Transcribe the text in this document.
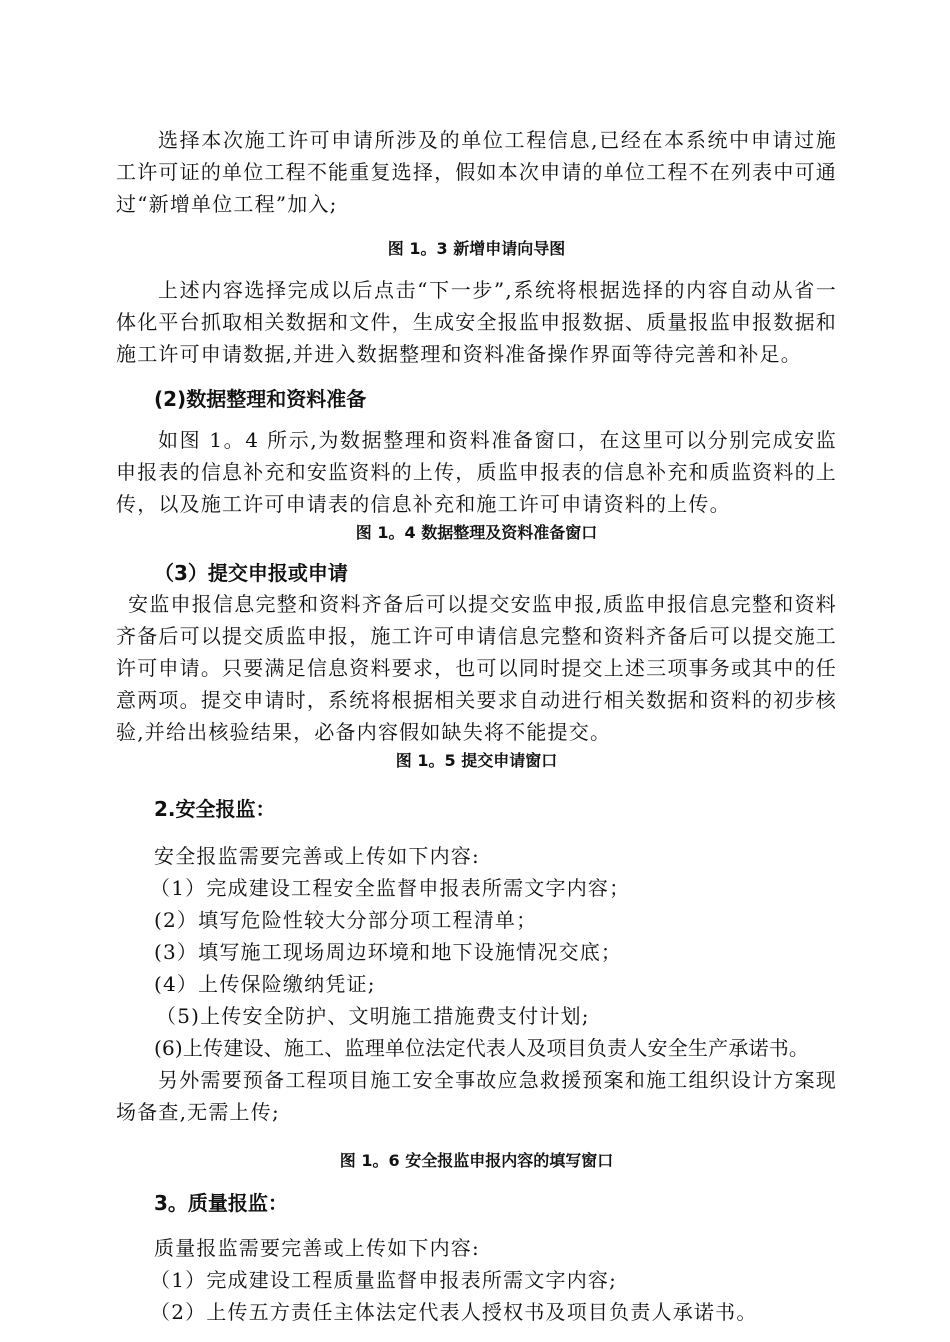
选择本次施工许可申请所涉及的单位工程信息,已经在本系统中申请过施工许可证的单位工程不能重复选择，假如本次申请的单位工程不在列表中可通过“新增单位工程”加入;

图 1。3 新增申请向导图

上述内容选择完成以后点击“下一步”,系统将根据选择的内容自动从省一体化平台抓取相关数据和文件，生成安全报监申报数据、质量报监申报数据和施工许可申请数据,并进入数据整理和资料准备操作界面等待完善和补足。

(2)数据整理和资料准备

如图 1。4 所示,为数据整理和资料准备窗口，在这里可以分别完成安监申报表的信息补充和安监资料的上传，质监申报表的信息补充和质监资料的上传，以及施工许可申请表的信息补充和施工许可申请资料的上传。

图 1。4 数据整理及资料准备窗口

（3）提交申报或申请

安监申报信息完整和资料齐备后可以提交安监申报,质监申报信息完整和资料齐备后可以提交质监申报，施工许可申请信息完整和资料齐备后可以提交施工许可申请。只要满足信息资料要求，也可以同时提交上述三项事务或其中的任意两项。提交申请时，系统将根据相关要求自动进行相关数据和资料的初步核验,并给出核验结果，必备内容假如缺失将不能提交。

图 1。5 提交申请窗口

2.安全报监：

安全报监需要完善或上传如下内容:

（1）完成建设工程安全监督申报表所需文字内容；

(2）填写危险性较大分部分项工程清单；

(3）填写施工现场周边环境和地下设施情况交底；

(4）上传保险缴纳凭证;

（5)上传安全防护、文明施工措施费支付计划;

(6)上传建设、施工、监理单位法定代表人及项目负责人安全生产承诺书。

另外需要预备工程项目施工安全事故应急救援预案和施工组织设计方案现场备查,无需上传;

图 1。6 安全报监申报内容的填写窗口

3。质量报监：

质量报监需要完善或上传如下内容:

（1）完成建设工程质量监督申报表所需文字内容;

（2）上传五方责任主体法定代表人授权书及项目负责人承诺书。
